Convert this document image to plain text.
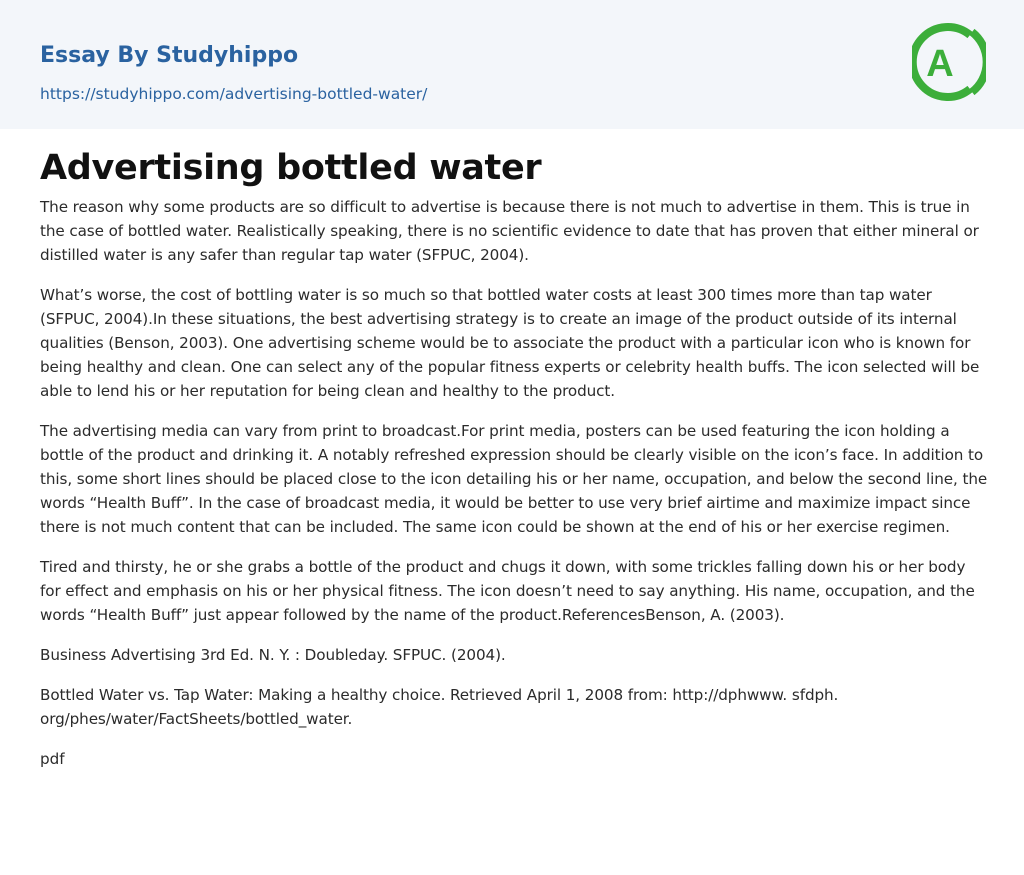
Essay By Studyhippo
https://studyhippo.com/advertising-bottled-water/
A
Advertising bottled water

The reason why some products are so difficult to advertise is because there is not much to advertise in them. This is true in the case of bottled water. Realistically speaking, there is no scientific evidence to date that has proven that either mineral or distilled water is any safer than regular tap water (SFPUC, 2004).

What’s worse, the cost of bottling water is so much so that bottled water costs at least 300 times more than tap water (SFPUC, 2004).In these situations, the best advertising strategy is to create an image of the product outside of its internal qualities (Benson, 2003). One advertising scheme would be to associate the product with a particular icon who is known for being healthy and clean. One can select any of the popular fitness experts or celebrity health buffs. The icon selected will be able to lend his or her reputation for being clean and healthy to the product.

The advertising media can vary from print to broadcast.For print media, posters can be used featuring the icon holding a bottle of the product and drinking it. A notably refreshed expression should be clearly visible on the icon’s face. In addition to this, some short lines should be placed close to the icon detailing his or her name, occupation, and below the second line, the words “Health Buff”. In the case of broadcast media, it would be better to use very brief airtime and maximize impact since there is not much content that can be included. The same icon could be shown at the end of his or her exercise regimen.

Tired and thirsty, he or she grabs a bottle of the product and chugs it down, with some trickles falling down his or her body for effect and emphasis on his or her physical fitness. The icon doesn’t need to say anything. His name, occupation, and the words “Health Buff” just appear followed by the name of the product.ReferencesBenson, A. (2003).

Business Advertising 3rd Ed. N. Y. : Doubleday. SFPUC. (2004).

Bottled Water vs. Tap Water: Making a healthy choice. Retrieved April 1, 2008 from: http://dphwww. sfdph. org/phes/water/FactSheets/bottled_water.

pdf
